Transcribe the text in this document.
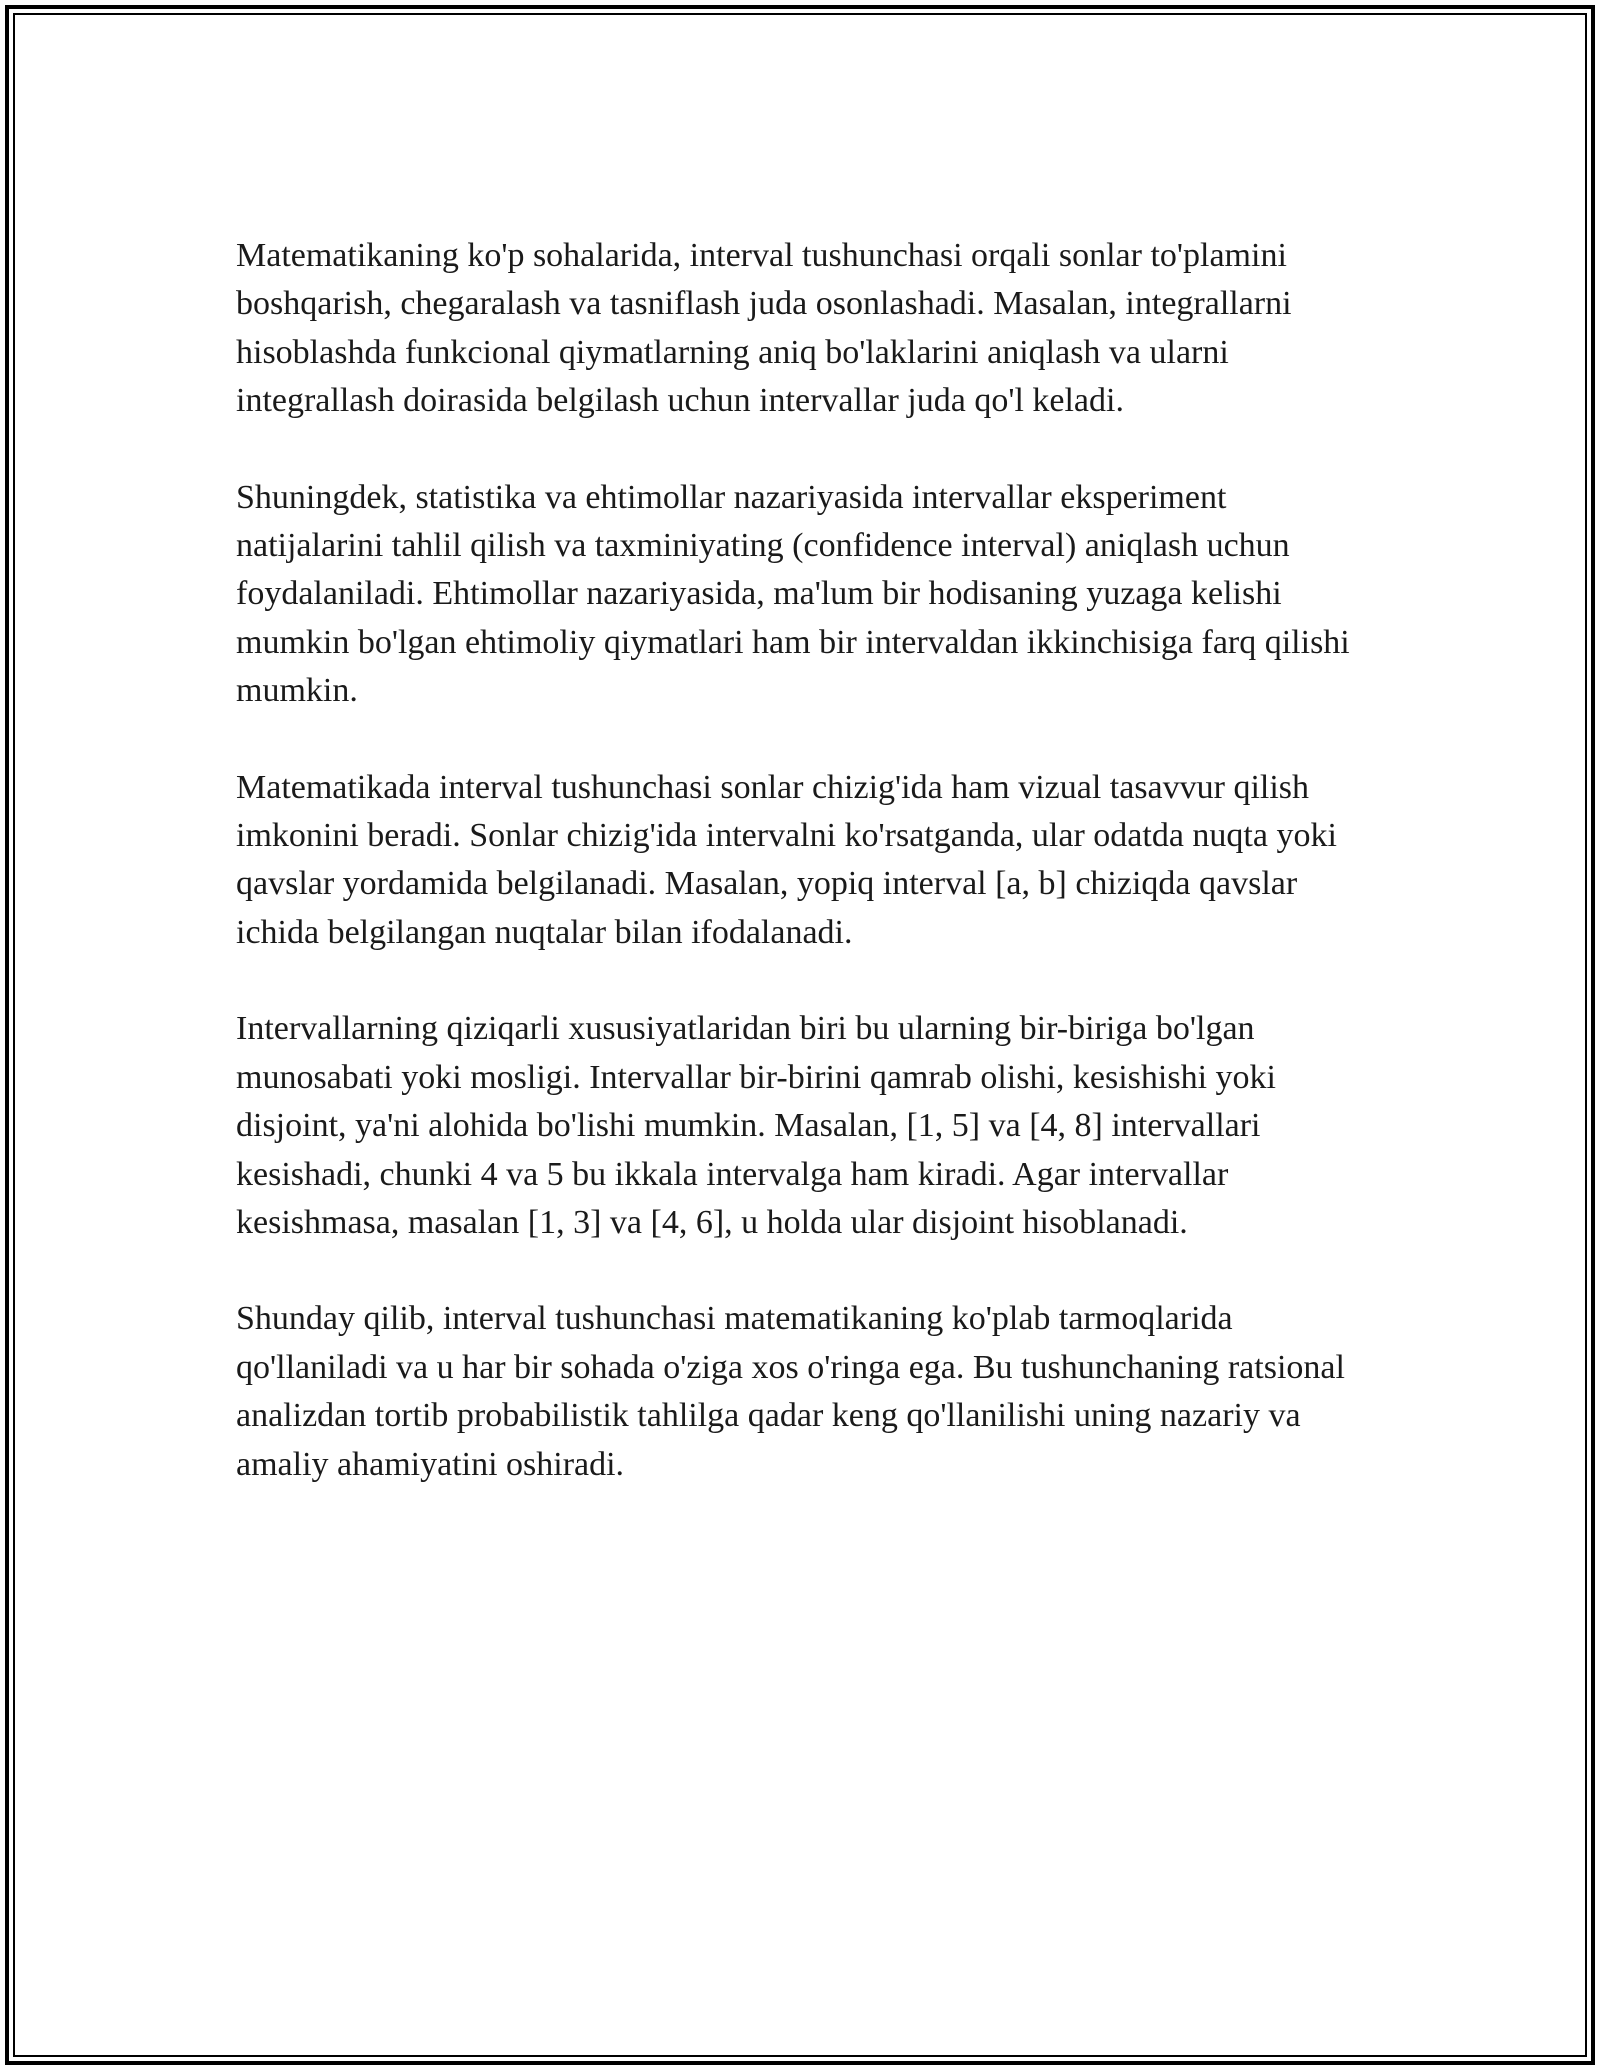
Matematikaning ko'p sohalarida, interval tushunchasi orqali sonlar to'plamini boshqarish, chegaralash va tasniflash juda osonlashadi. Masalan, integrallarni hisoblashda funkcional qiymatlarning aniq bo'laklarini aniqlash va ularni integrallash doirasida belgilash uchun intervallar juda qo'l keladi.

Shuningdek, statistika va ehtimollar nazariyasida intervallar eksperiment natijalarini tahlil qilish va taxminiyating (confidence interval) aniqlash uchun foydalaniladi. Ehtimollar nazariyasida, ma'lum bir hodisaning yuzaga kelishi mumkin bo'lgan ehtimoliy qiymatlari ham bir intervaldan ikkinchisiga farq qilishi mumkin.

Matematikada interval tushunchasi sonlar chizig'ida ham vizual tasavvur qilish imkonini beradi. Sonlar chizig'ida intervalni ko'rsatganda, ular odatda nuqta yoki qavslar yordamida belgilanadi. Masalan, yopiq interval [a, b] chiziqda qavslar ichida belgilangan nuqtalar bilan ifodalanadi.

Intervallarning qiziqarli xususiyatlaridan biri bu ularning bir-biriga bo'lgan munosabati yoki mosligi. Intervallar bir-birini qamrab olishi, kesishishi yoki disjoint, ya'ni alohida bo'lishi mumkin. Masalan, [1, 5] va [4, 8] intervallari kesishadi, chunki 4 va 5 bu ikkala intervalga ham kiradi. Agar intervallar kesishmasa, masalan [1, 3] va [4, 6], u holda ular disjoint hisoblanadi.

Shunday qilib, interval tushunchasi matematikaning ko'plab tarmoqlarida qo'llaniladi va u har bir sohada o'ziga xos o'ringa ega. Bu tushunchaning ratsional analizdan tortib probabilistik tahlilga qadar keng qo'llanilishi uning nazariy va amaliy ahamiyatini oshiradi.
